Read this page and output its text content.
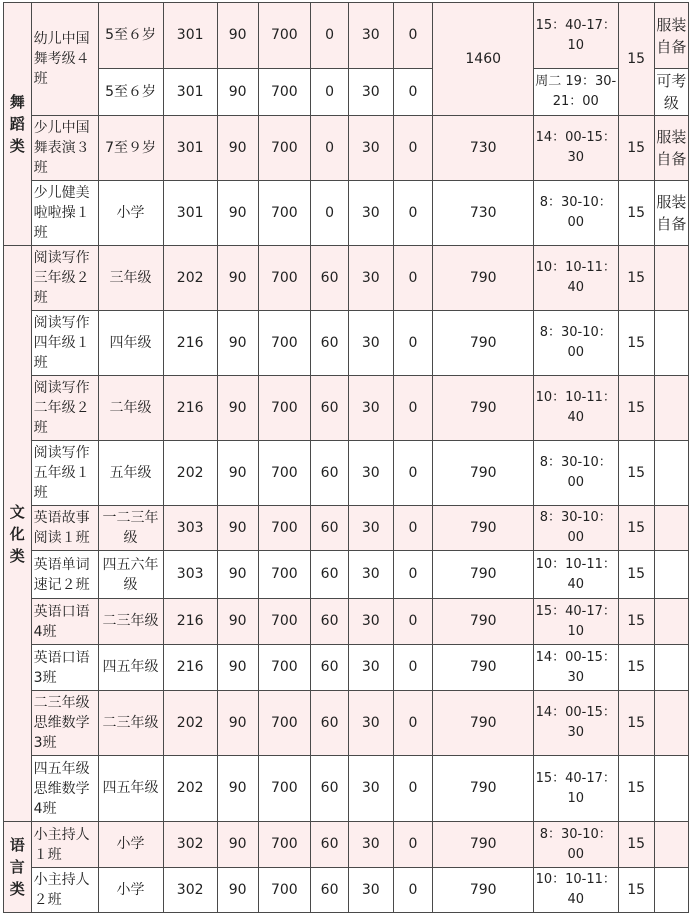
舞蹈类	幼儿中国舞考级４班	5至６岁	301	90	700	0	30	0	1460	15：40-17：10	15	服装自备
		5至６岁	301	90	700	0	30	0		周二 19：30-21：00		可考级
	少儿中国舞表演３班	7至９岁	301	90	700	0	30	0	730	14：00-15：30	15	服装自备
	少儿健美啦啦操１班	小学	301	90	700	0	30	0	730	8：30-10：00	15	服装自备
文化类	阅读写作三年级２班	三年级	202	90	700	60	30	0	790	10：10-11：40	15	
	阅读写作四年级１班	四年级	216	90	700	60	30	0	790	8：30-10：00	15	
	阅读写作二年级２班	二年级	216	90	700	60	30	0	790	10：10-11：40	15	
	阅读写作五年级１班	五年级	202	90	700	60	30	0	790	8：30-10：00	15	
	英语故事阅读１班	一二三年级	303	90	700	60	30	0	790	8：30-10：00	15	
	英语单词速记２班	四五六年级	303	90	700	60	30	0	790	10：10-11：40	15	
	英语口语4班	二三年级	216	90	700	60	30	0	790	15：40-17：10	15	
	英语口语3班	四五年级	216	90	700	60	30	0	790	14：00-15：30	15	
	二三年级思维数学3班	二三年级	202	90	700	60	30	0	790	14：00-15：30	15	
	四五年级思维数学4班	四五年级	202	90	700	60	30	0	790	15：40-17：10	15	
语言类	小主持人１班	小学	302	90	700	60	30	0	790	8：30-10：00	15	
	小主持人２班	小学	302	90	700	60	30	0	790	10：10-11：40	15	
